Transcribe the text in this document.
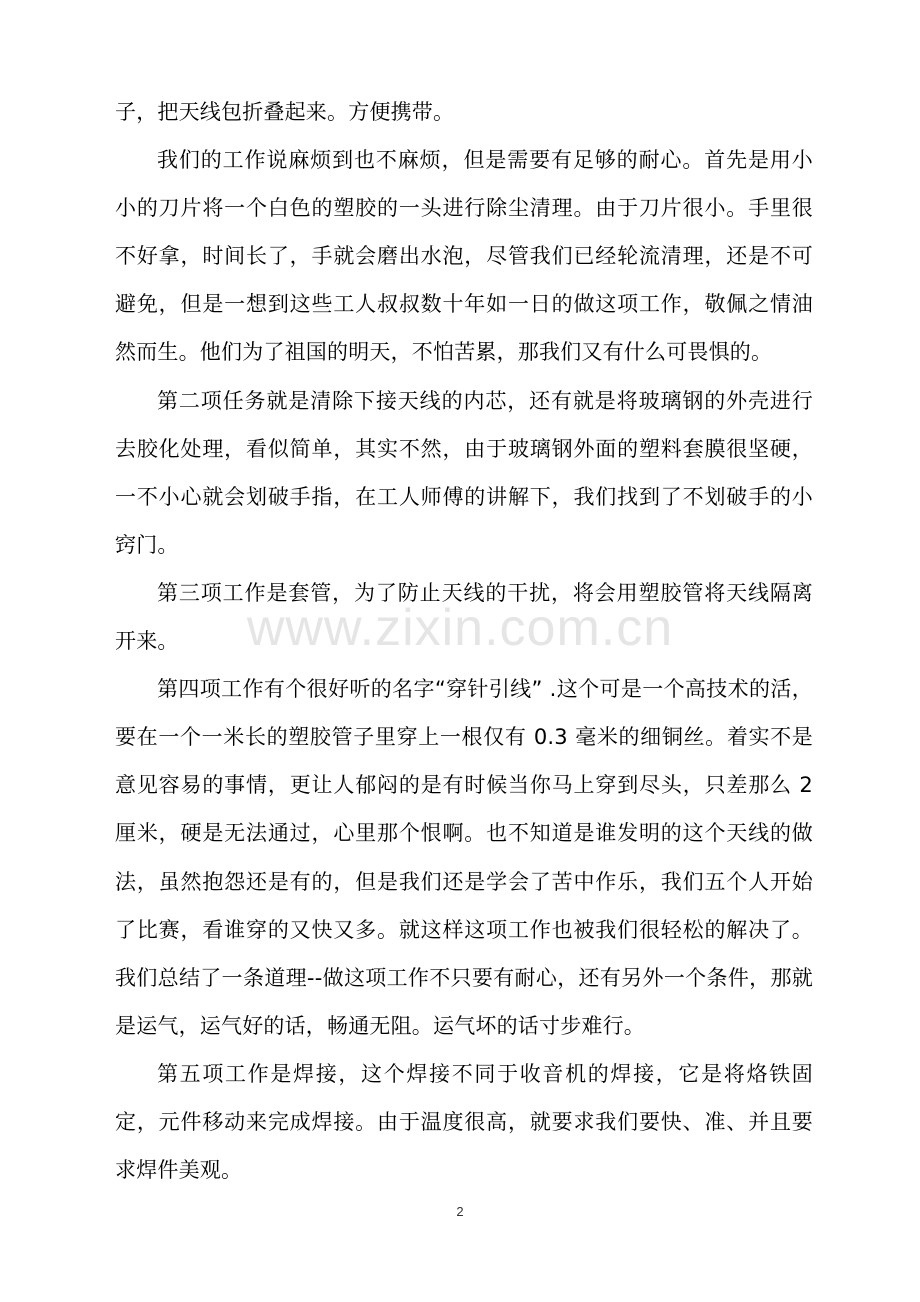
子，把天线包折叠起来。方便携带。

我们的工作说麻烦到也不麻烦，但是需要有足够的耐心。首先是用小小的刀片将一个白色的塑胶的一头进行除尘清理。由于刀片很小。手里很不好拿，时间长了，手就会磨出水泡，尽管我们已经轮流清理，还是不可避免，但是一想到这些工人叔叔数十年如一日的做这项工作，敬佩之情油然而生。他们为了祖国的明天，不怕苦累，那我们又有什么可畏惧的。

第二项任务就是清除下接天线的内芯，还有就是将玻璃钢的外壳进行去胶化处理，看似简单，其实不然，由于玻璃钢外面的塑料套膜很坚硬，一不小心就会划破手指，在工人师傅的讲解下，我们找到了不划破手的小窍门。

第三项工作是套管，为了防止天线的干扰，将会用塑胶管将天线隔离开来。

第四项工作有个很好听的名字“穿针引线” .这个可是一个高技术的活，要在一个一米长的塑胶管子里穿上一根仅有 0.3 毫米的细铜丝。着实不是意见容易的事情，更让人郁闷的是有时候当你马上穿到尽头，只差那么 2厘米，硬是无法通过，心里那个恨啊。也不知道是谁发明的这个天线的做法，虽然抱怨还是有的，但是我们还是学会了苦中作乐，我们五个人开始了比赛，看谁穿的又快又多。就这样这项工作也被我们很轻松的解决了。我们总结了一条道理--做这项工作不只要有耐心，还有另外一个条件，那就是运气，运气好的话，畅通无阻。运气坏的话寸步难行。

第五项工作是焊接，这个焊接不同于收音机的焊接，它是将烙铁固定，元件移动来完成焊接。由于温度很高，就要求我们要快、准、并且要求焊件美观。

www.zixin.com.cn
2
